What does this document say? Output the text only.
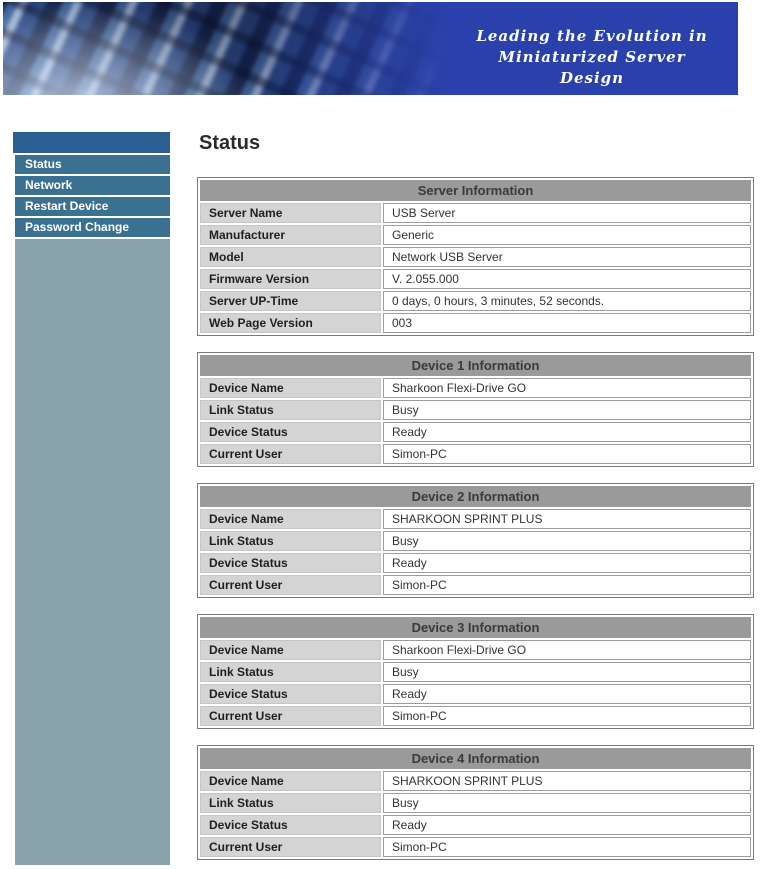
Leading the Evolution in
Miniaturized Server Design
Status
Network
Restart Device
Password Change
Status
Server Information	
Server Name	USB Server
Manufacturer	Generic
Model	Network USB Server
Firmware Version	V. 2.055.000
Server UP-Time	0 days, 0 hours, 3 minutes, 52 seconds.
Web Page Version	003
Device 1 Information	
Device Name	Sharkoon Flexi-Drive GO
Link Status	Busy
Device Status	Ready
Current User	Simon-PC
Device 2 Information	
Device Name	SHARKOON SPRINT PLUS
Link Status	Busy
Device Status	Ready
Current User	Simon-PC
Device 3 Information	
Device Name	Sharkoon Flexi-Drive GO
Link Status	Busy
Device Status	Ready
Current User	Simon-PC
Device 4 Information	
Device Name	SHARKOON SPRINT PLUS
Link Status	Busy
Device Status	Ready
Current User	Simon-PC
